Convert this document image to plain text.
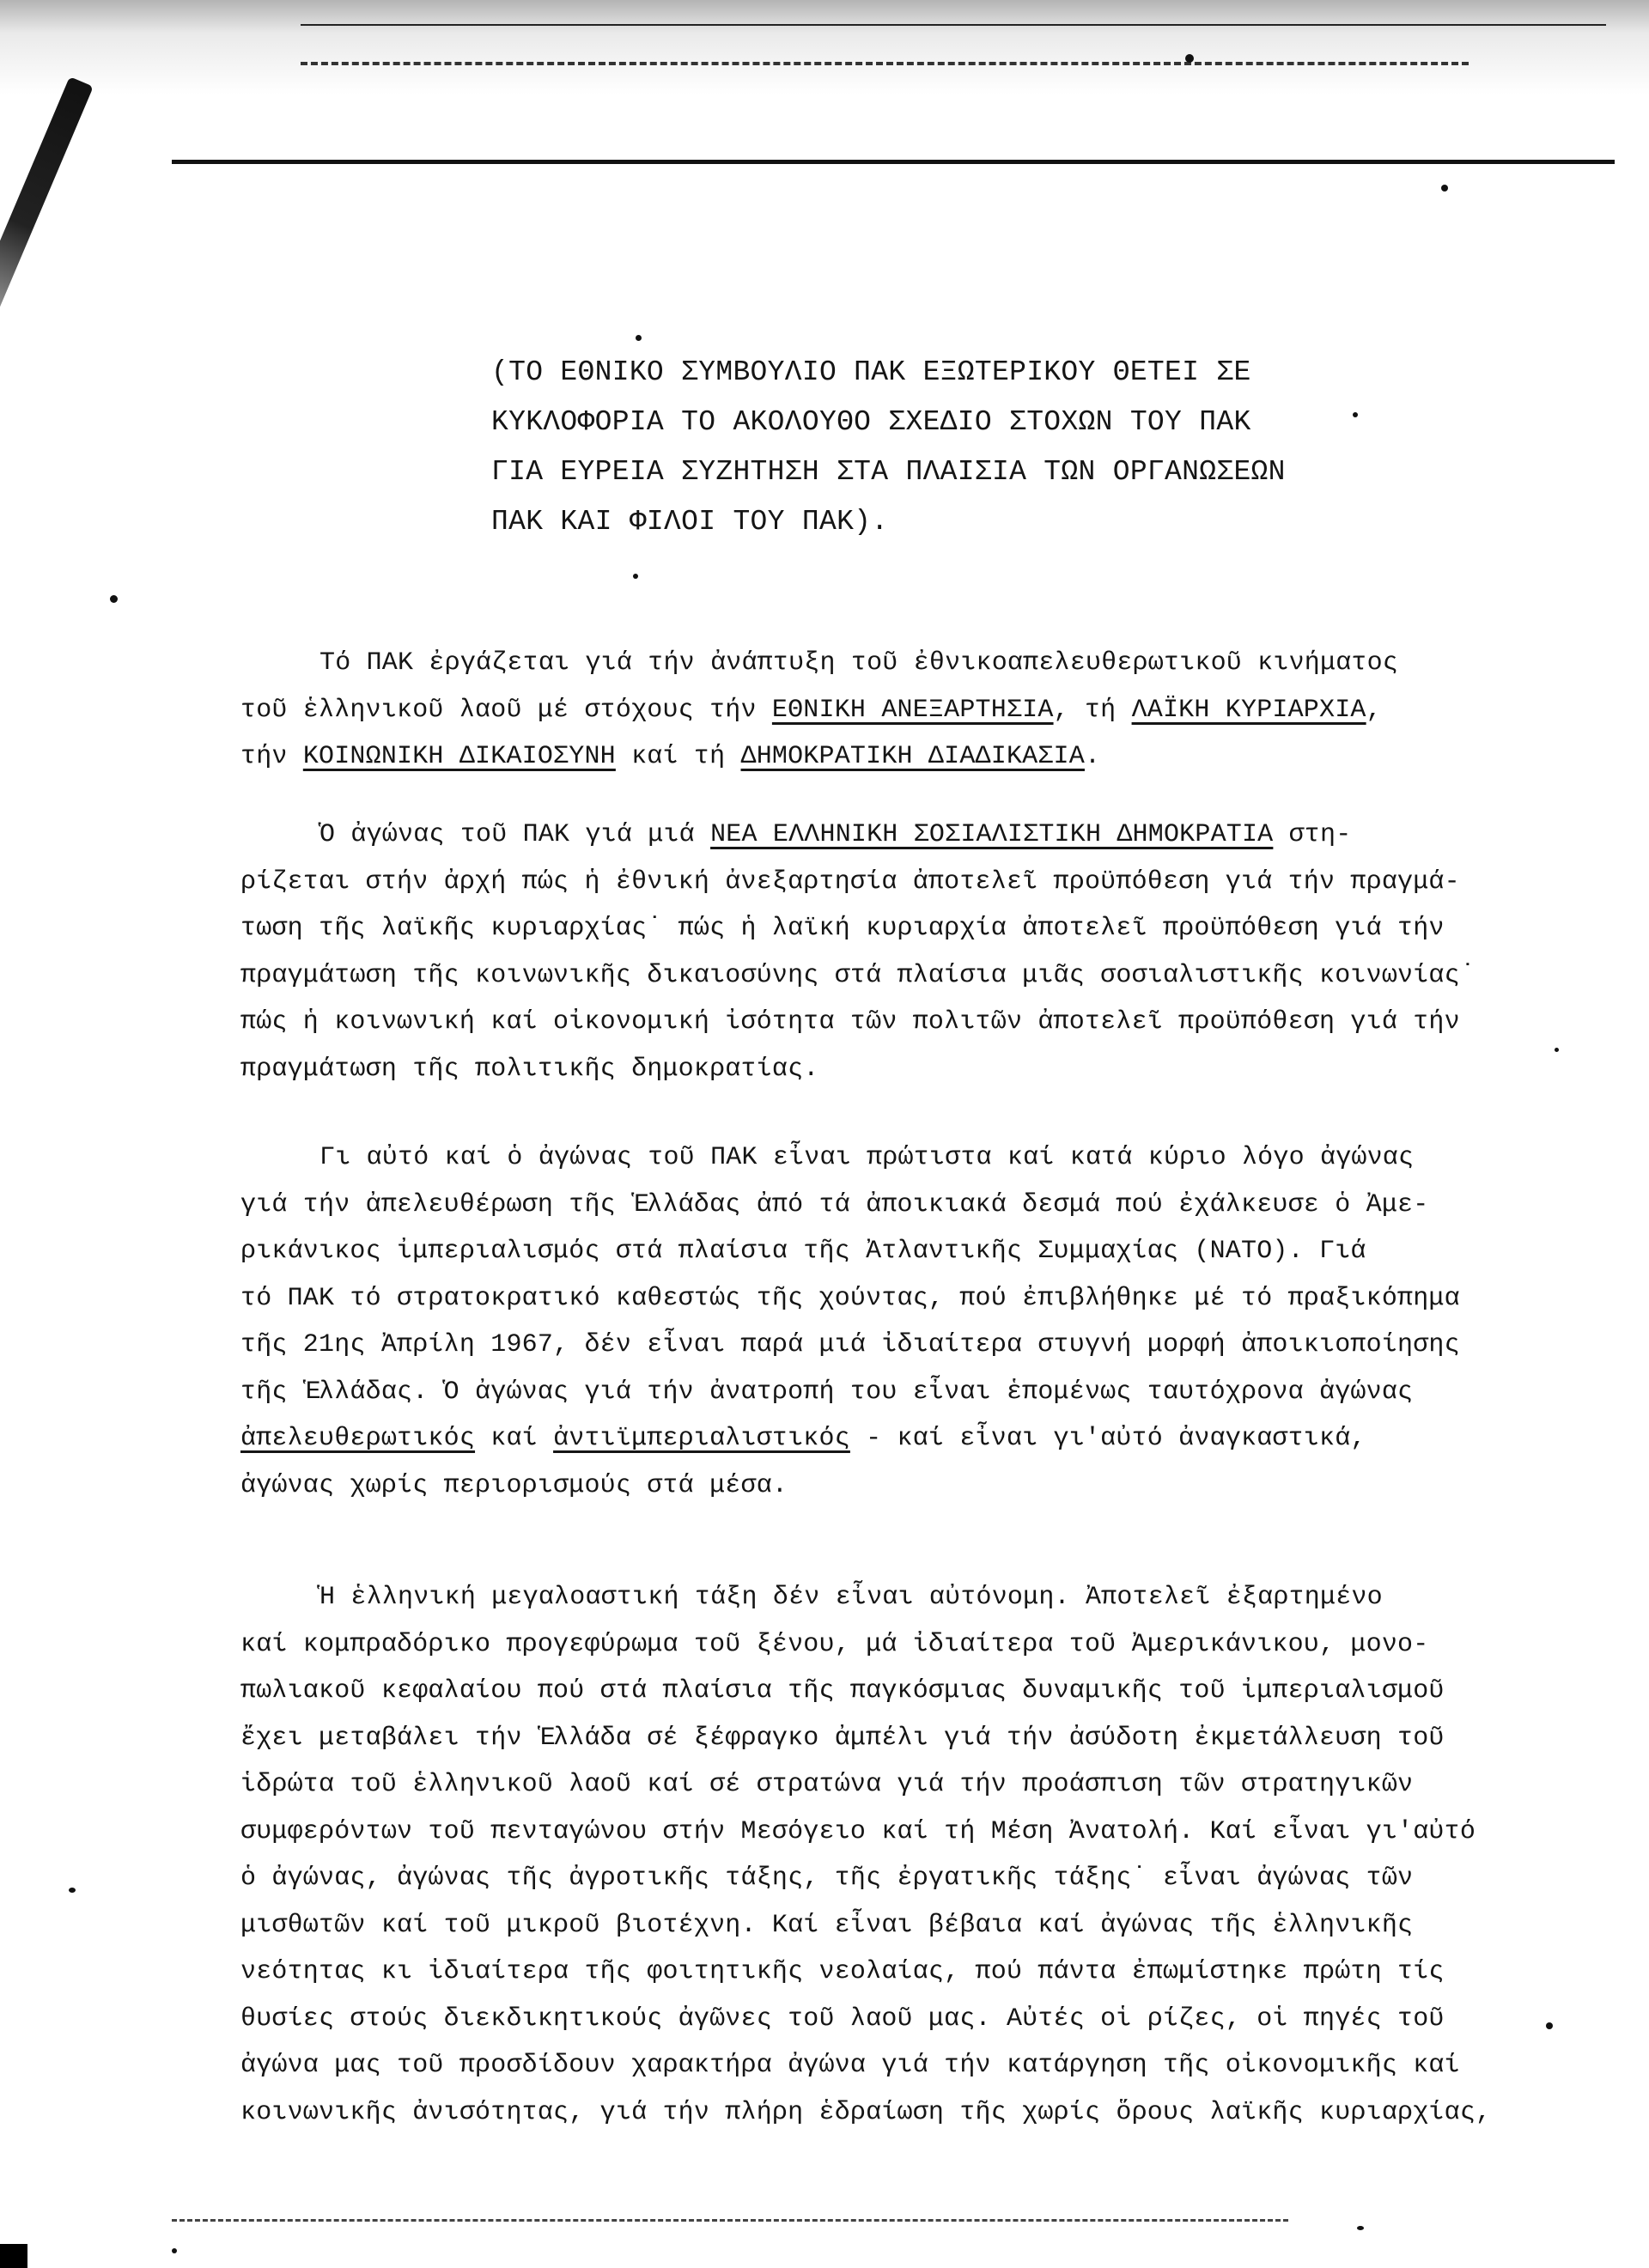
(ΤΟ ΕΘΝΙΚΟ ΣΥΜΒΟΥΛΙΟ ΠΑΚ ΕΞΩΤΕΡΙΚΟΥ ΘΕΤΕΙ ΣΕ
ΚΥΚΛΟΦΟΡΙΑ ΤΟ ΑΚΟΛΟΥΘΟ ΣΧΕΔΙΟ ΣΤΟΧΩΝ ΤΟΥ ΠΑΚ
ΓΙΑ ΕΥΡΕΙΑ ΣΥΖΗΤΗΣΗ ΣΤΑ ΠΛΑΙΣΙΑ ΤΩΝ ΟΡΓΑΝΩΣΕΩΝ
ΠΑΚ ΚΑΙ ΦΙΛΟΙ ΤΟΥ ΠΑΚ).
Τό ΠΑΚ ἐργάζεται γιά τήν ἀνάπτυξη τοῦ ἐθνικοαπελευθερωτικοῦ κινήματος
τοῦ ἑλληνικοῦ λαοῦ μέ στόχους τήν ΕΘΝΙΚΗ ΑΝΕΞΑΡΤΗΣΙΑ, τή ΛΑΪΚΗ ΚΥΡΙΑΡΧΙΑ,
τήν ΚΟΙΝΩΝΙΚΗ ΔΙΚΑΙΟΣΥΝΗ καί τή ΔΗΜΟΚΡΑΤΙΚΗ ΔΙΑΔΙΚΑΣΙΑ.
Ὁ ἀγώνας τοῦ ΠΑΚ γιά μιά ΝΕΑ ΕΛΛΗΝΙΚΗ ΣΟΣΙΑΛΙΣΤΙΚΗ ΔΗΜΟΚΡΑΤΙΑ στη-
ρίζεται στήν ἀρχή πώς ἡ ἐθνική ἀνεξαρτησία ἀποτελεῖ προϋπόθεση γιά τήν πραγμά-
τωση τῆς λαϊκῆς κυριαρχίας˙ πώς ἡ λαϊκή κυριαρχία ἀποτελεῖ προϋπόθεση γιά τήν
πραγμάτωση τῆς κοινωνικῆς δικαιοσύνης στά πλαίσια μιᾶς σοσιαλιστικῆς κοινωνίας˙
πώς ἡ κοινωνική καί οἰκονομική ἰσότητα τῶν πολιτῶν ἀποτελεῖ προϋπόθεση γιά τήν
πραγμάτωση τῆς πολιτικῆς δημοκρατίας.
Γι αὐτό καί ὁ ἀγώνας τοῦ ΠΑΚ εἶναι πρώτιστα καί κατά κύριο λόγο ἀγώνας
γιά τήν ἀπελευθέρωση τῆς Ἑλλάδας ἀπό τά ἀποικιακά δεσμά πού ἐχάλκευσε ὁ Ἀμε-
ρικάνικος ἰμπεριαλισμός στά πλαίσια τῆς Ἀτλαντικῆς Συμμαχίας (ΝΑΤΟ). Γιά
τό ΠΑΚ τό στρατοκρατικό καθεστώς τῆς χούντας, πού ἐπιβλήθηκε μέ τό πραξικόπημα
τῆς 21ης Ἀπρίλη 1967, δέν εἶναι παρά μιά ἰδιαίτερα στυγνή μορφή ἀποικιοποίησης
τῆς Ἑλλάδας. Ὁ ἀγώνας γιά τήν ἀνατροπή του εἶναι ἑπομένως ταυτόχρονα ἀγώνας
ἀπελευθερωτικός καί ἀντιϊμπεριαλιστικός - καί εἶναι γι'αὐτό ἀναγκαστικά,
ἀγώνας χωρίς περιορισμούς στά μέσα.
Ἡ ἑλληνική μεγαλοαστική τάξη δέν εἶναι αὐτόνομη. Ἀποτελεῖ ἐξαρτημένο
καί κομπραδόρικο προγεφύρωμα τοῦ ξένου, μά ἰδιαίτερα τοῦ Ἀμερικάνικου, μονο-
πωλιακοῦ κεφαλαίου πού στά πλαίσια τῆς παγκόσμιας δυναμικῆς τοῦ ἰμπεριαλισμοῦ
ἔχει μεταβάλει τήν Ἑλλάδα σέ ξέφραγκο ἀμπέλι γιά τήν ἀσύδοτη ἐκμετάλλευση τοῦ
ἱδρώτα τοῦ ἑλληνικοῦ λαοῦ καί σέ στρατώνα γιά τήν προάσπιση τῶν στρατηγικῶν
συμφερόντων τοῦ πενταγώνου στήν Μεσόγειο καί τή Μέση Ἀνατολή. Καί εἶναι γι'αὐτό
ὁ ἀγώνας, ἀγώνας τῆς ἀγροτικῆς τάξης, τῆς ἐργατικῆς τάξης˙ εἶναι ἀγώνας τῶν
μισθωτῶν καί τοῦ μικροῦ βιοτέχνη. Καί εἶναι βέβαια καί ἀγώνας τῆς ἑλληνικῆς
νεότητας κι ἰδιαίτερα τῆς φοιτητικῆς νεολαίας, πού πάντα ἐπωμίστηκε πρώτη τίς
θυσίες στούς διεκδικητικούς ἀγῶνες τοῦ λαοῦ μας. Αὐτές οἱ ρίζες, οἱ πηγές τοῦ
ἀγώνα μας τοῦ προσδίδουν χαρακτήρα ἀγώνα γιά τήν κατάργηση τῆς οἰκονομικῆς καί
κοινωνικῆς ἀνισότητας, γιά τήν πλήρη ἑδραίωση τῆς χωρίς ὅρους λαϊκῆς κυριαρχίας,
